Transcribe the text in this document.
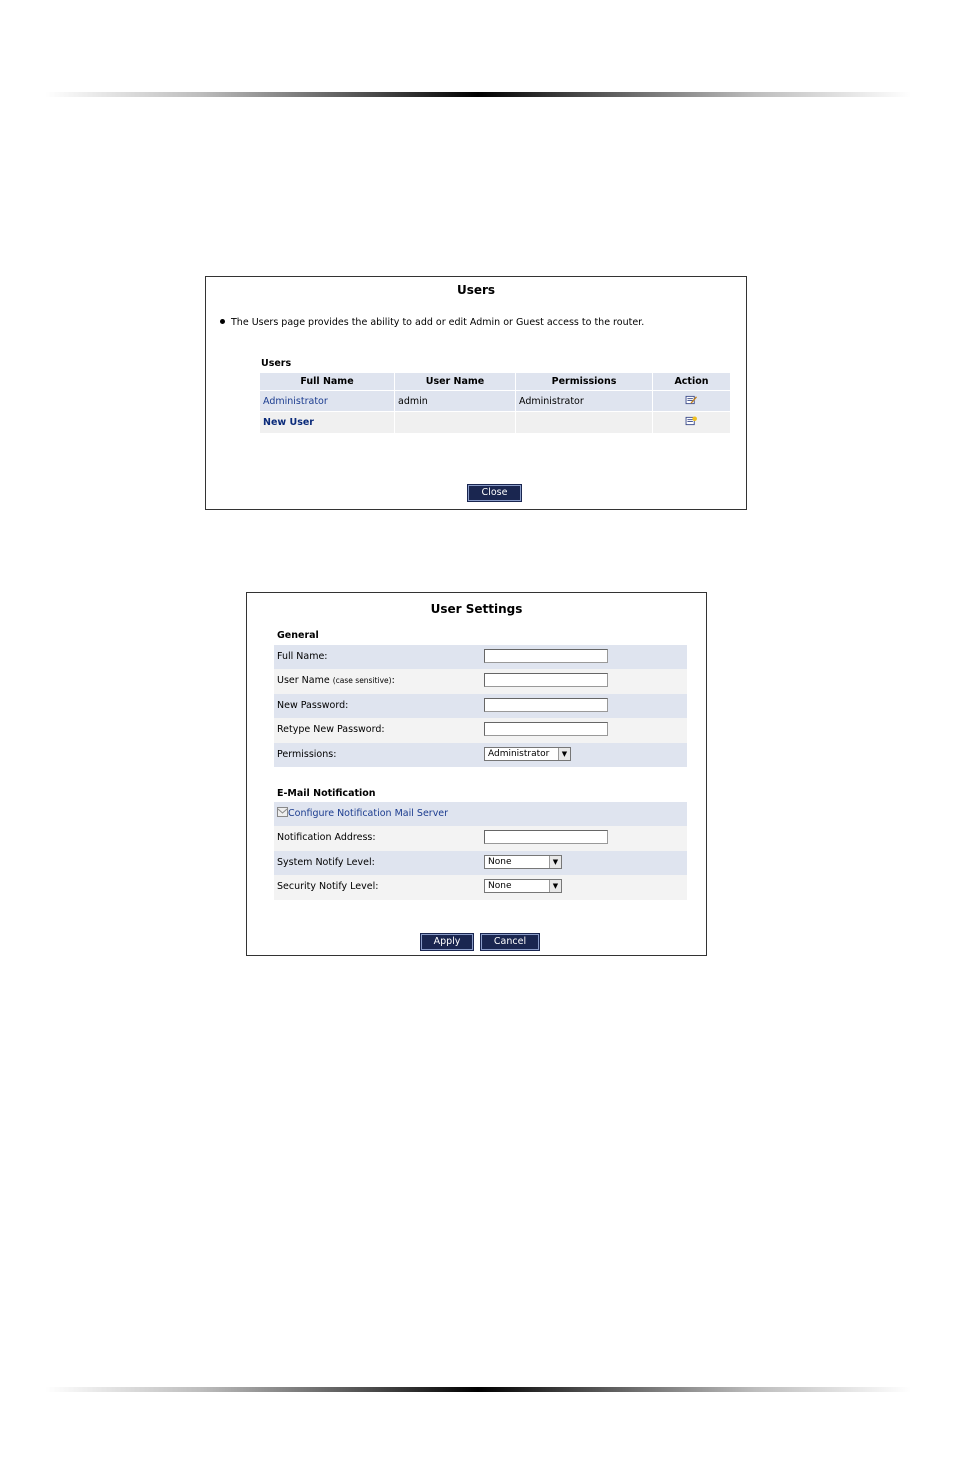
Users
The Users page provides the ability to add or edit Admin or Guest access to the router.
Users
Full Name	User Name	Permissions	Action
Administrator	admin	Administrator	
New User			
Close
User Settings
General
Full Name:
User Name (case sensitive):
New Password:
Retype New Password:
Permissions:	Administrator	▼
E-Mail Notification
Configure Notification Mail Server
Notification Address:
System Notify Level:	None	▼
Security Notify Level:	None	▼
Apply	Cancel
